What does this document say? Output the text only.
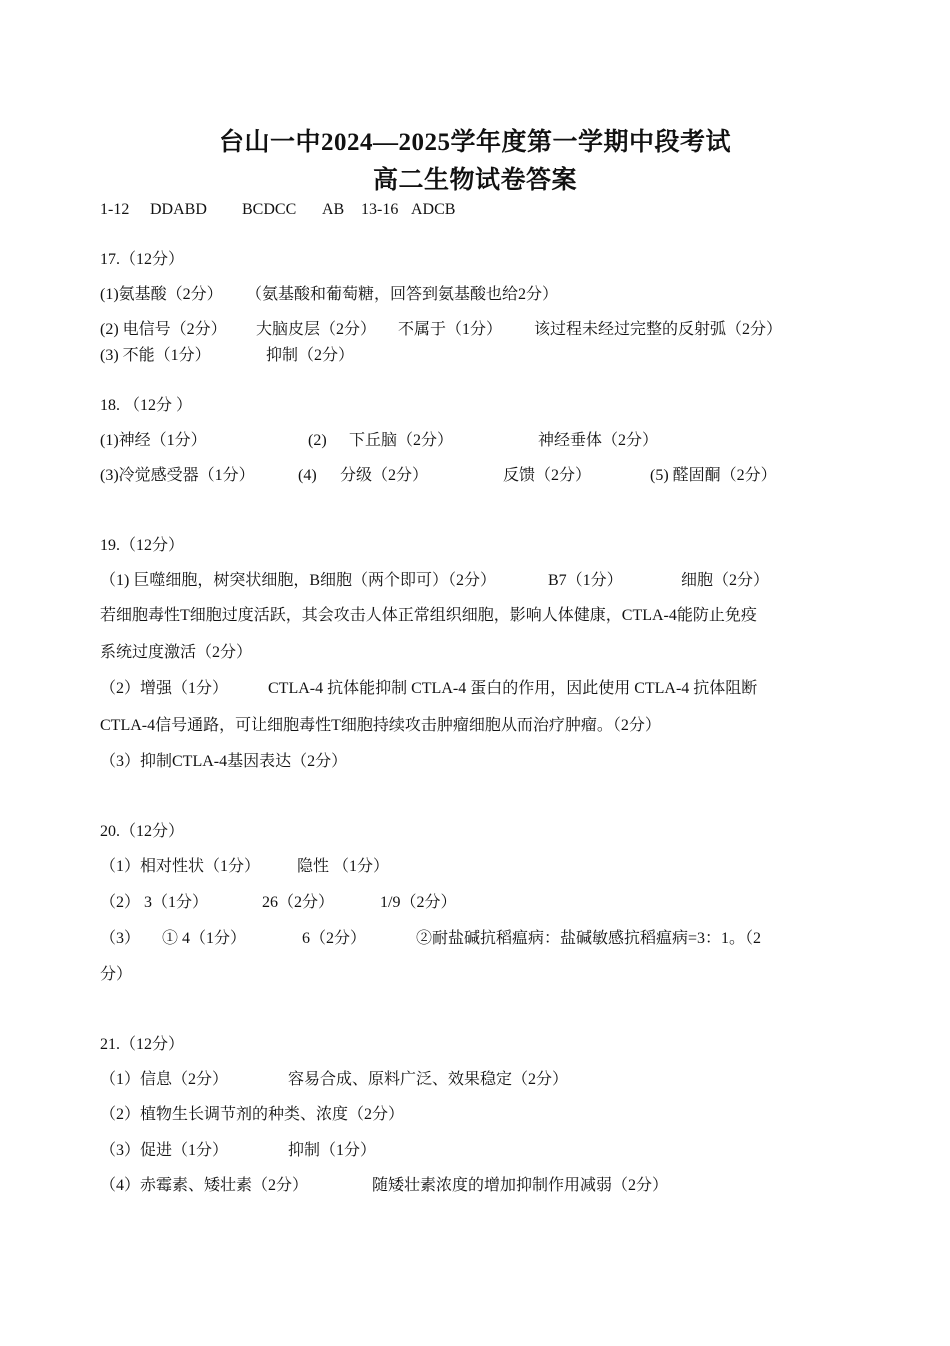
台山一中2024—2025学年度第一学期中段考试
高二生物试卷答案
1-12 DDABD BCDCC AB 13-16 ADCB
17.（12分）
(1)氨基酸（2分） （氨基酸和葡萄糖，回答到氨基酸也给2分）
(2) 电信号（2分） 大脑皮层（2分） 不属于（1分） 该过程未经过完整的反射弧（2分）
(3) 不能（1分）	抑制（2分）
18. （12分 ）
(1)神经（1分）	(2) 下丘脑（2分）	神经垂体（2分）
(3)冷觉感受器（1分）	(4) 分级（2分）	反馈（2分）	(5) 醛固酮（2分）
19.（12分）
（1) 巨噬细胞，树突状细胞，B细胞（两个即可）（2分）	B7（1分）	细胞（2分）
若细胞毒性T细胞过度活跃，其会攻击人体正常组织细胞，影响人体健康，CTLA-4能防止免疫
系统过度激活（2分）
（2）增强（1分） CTLA-4 抗体能抑制 CTLA-4 蛋白的作用，因此使用 CTLA-4 抗体阻断
CTLA-4信号通路，可让细胞毒性T细胞持续攻击肿瘤细胞从而治疗肿瘤。（2分）
（3）抑制CTLA-4基因表达（2分）
20.（12分）
（1）相对性状（1分） 隐性 （1分）
（2） 3（1分）	26（2分）	1/9（2分）
（3） ① 4（1分）	6（2分）	②耐盐碱抗稻瘟病：盐碱敏感抗稻瘟病=3：1。（2
分）
21.（12分）
（1）信息（2分）	容易合成、原料广泛、效果稳定（2分）
（2）植物生长调节剂的种类、浓度（2分）
（3）促进（1分）	抑制（1分）
（4）赤霉素、矮壮素（2分）	随矮壮素浓度的增加抑制作用减弱（2分）
